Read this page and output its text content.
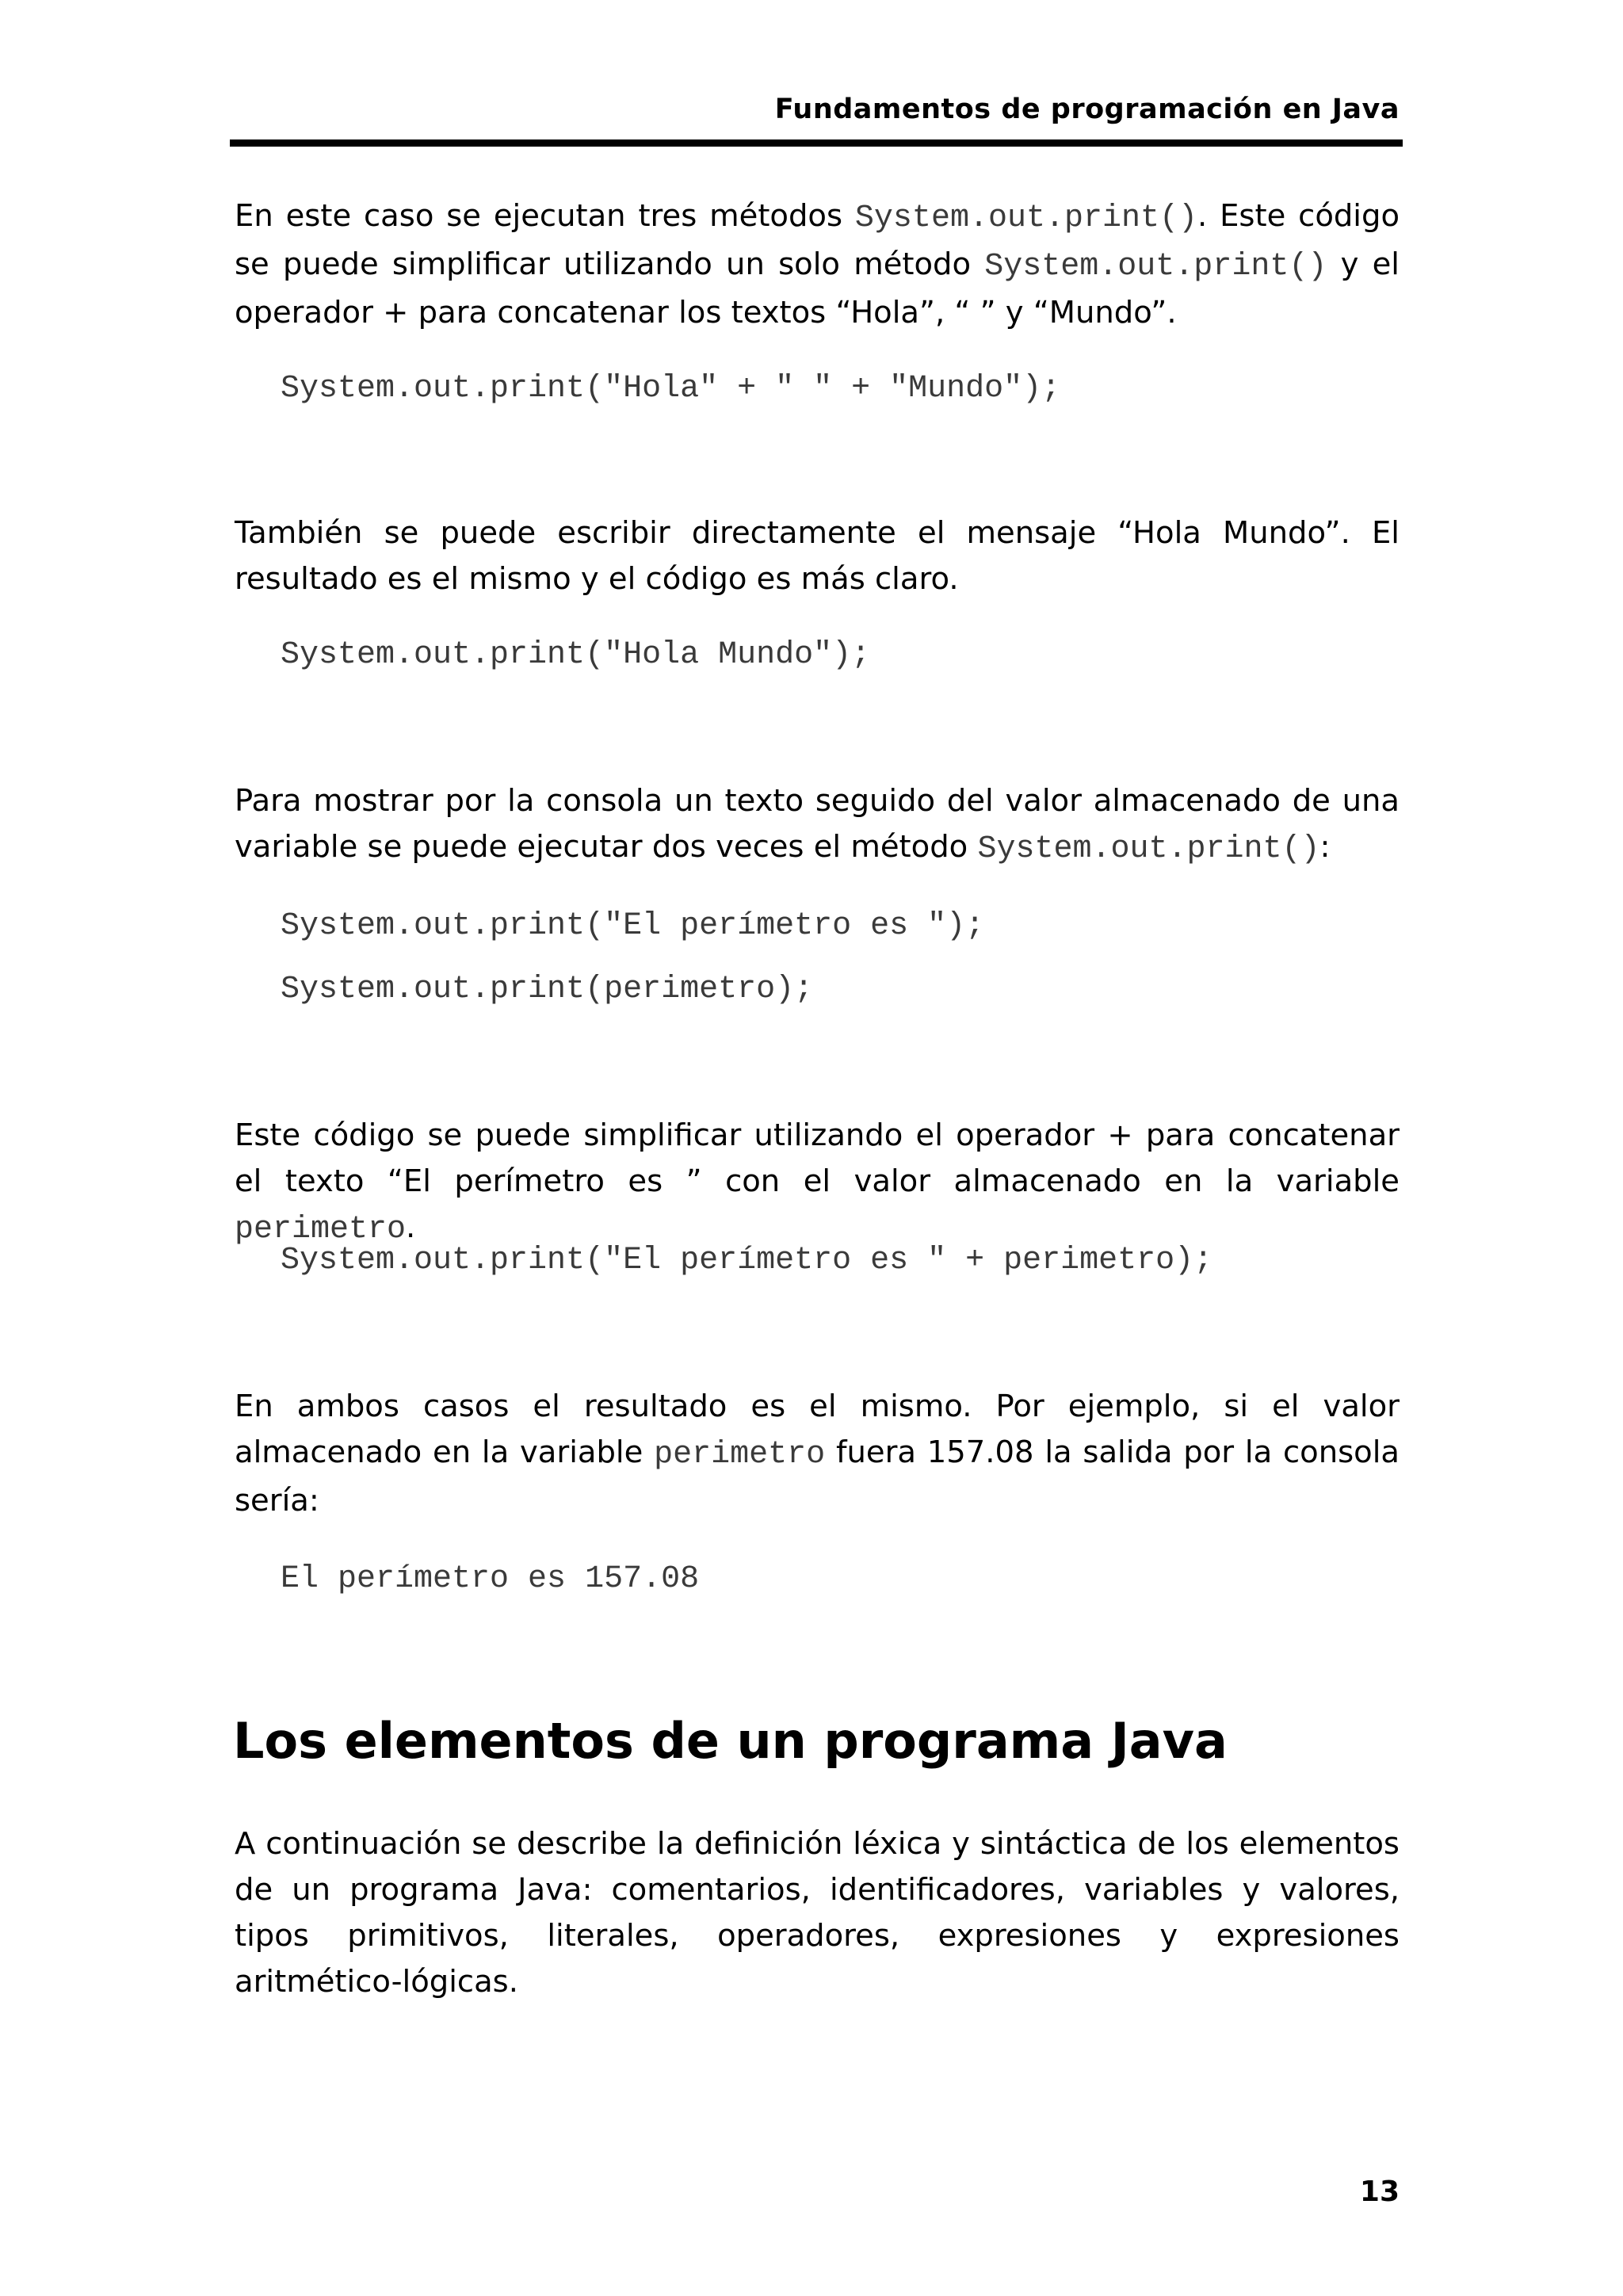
Fundamentos de programación en Java
En este caso se ejecutan tres métodos System.out.print(). Este código se puede simplificar utilizando un solo método System.out.print() y el operador + para concatenar los textos “Hola”, “ ” y “Mundo”.
System.out.print("Hola" + " " + "Mundo");
También se puede escribir directamente el mensaje “Hola Mundo”. El resultado es el mismo y el código es más claro.
System.out.print("Hola Mundo");
Para mostrar por la consola un texto seguido del valor almacenado de una variable se puede ejecutar dos veces el método System.out.print():
System.out.print("El perímetro es ");
System.out.print(perimetro);
Este código se puede simplificar utilizando el operador + para concatenar el texto “El perímetro es ” con el valor almacenado en la variable perimetro.
System.out.print("El perímetro es " + perimetro);
En ambos casos el resultado es el mismo. Por ejemplo, si el valor almacenado en la variable perimetro fuera 157.08 la salida por la consola sería:
El perímetro es 157.08
Los elementos de un programa Java
A continuación se describe la definición léxica y sintáctica de los elementos de un programa Java: comentarios, identificadores, variables y valores, tipos primitivos, literales, operadores, expresiones y expresiones aritmético-lógicas.
13
